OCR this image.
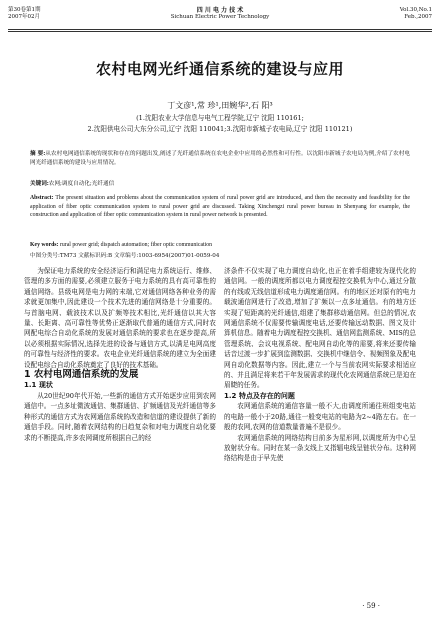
第30卷第1期
2007年02月
四 川 电 力 技 术
Sichuan Electric Power Technology
Vol.30,No.1
Feb.,2007
农村电网光纤通信系统的建设与应用
丁文彦¹,常 珍¹,田婉华²,石 阳³
(1.沈阳农业大学信息与电气工程学院,辽宁 沈阳 110161;
2.沈阳供电公司大东分公司,辽宁 沈阳 110041;3.沈阳市新城子农电局,辽宁 沈阳 110121)
摘 要:从农村电网通信系统的现状和存在的问题出发,阐述了光纤通信系统在农电企业中应用的必然性和可行性。以沈阳市新城子农电局为例,介绍了农村电网光纤通信系统的建设与应用情况。
关键词:农网;调度自动化;光纤通信
Abstract: The present situation and problems about the communication system of rural power grid are introduced, and then the necessity and feasibility for the application of fiber optic communication system to rural power grid are discussed. Taking Xinchengzi rural power bureau in Shenyang for example, the construction and application of fiber optic communication system in rural power network is presented.
Key words: rural power grid; dispatch automation; fiber optic communication
中图分类号:TM73 文献标识码:B 文章编号:1003-6954(2007)01-0059-04

为保证电力系统的安全经济运行和满足电力系统运行、维修、管理的多方面的需要,必须建立服务于电力系统的具有高可靠性的通信网络。县级电网是电力网的末端,它对通信网络各种业务的需求就更加集中,因此建设一个技术先进的通信网络是十分重要的。与首脑电网、载波技术以及扩频等技术相比,光纤通信以其大容量、长距离、高可靠性等优势正逐渐取代普通的通信方式,同时农网配电综合自动化系统的发展对通信系统的要求也在逐步提高,所以必须根据实际情况,选择先进的设备与通信方式,以满足电网高度的可靠性与经济性的要求。农电企业光纤通信系统的建立为全面建设配电综合自动化系统奠定了良好的技术基础。

1 农村电网通信系统的发展

1.1 现状

从20世纪90年代开始,一些新的通信方式开始逐步应用到农网通信中。一点多址微波通信、集群通信、扩频通信及光纤通信等多种形式的通信方式为农网通信系统的改造和信道的建设提供了新的通信手段。同时,随着农网结构的日趋复杂和对电力调度自动化要求的不断提高,许多农网调度所根据自己的经

济条件不仅实现了电力调度自动化,也正在着手组建较为现代化的通信网。一般的调度所都以电力调度程控交换机为中心,通过分散的有线或无线信道形成电力调度通信网。有的地区还对原有的电力载波通信网进行了改造,增加了扩频以一点多址通信。有的地方还实现了短距离的光纤通信,组建了集群移动通信网。但总的情况,农网通信系统不仅需要传输调度电话,还要传输远动数据、图文及计算机信息。随着电力调度程控交换机、通信网监测系统、MIS的总管理系统、会议电视系统、配电网自动化等的需要,将来还要传输话音过渡一步扩展到监测数据、交换机中继信令、视频图象及配电网自动化数据等内容。因此,建立一个与当前农网实际要求相适应的、并且满足将来若干年发展需求的现代化农网通信系统已是迫在眉睫的任务。

1.2 特点及存在的问题

农网通信系统的通信容量一般不大,由调度所通往班组变电站的电路一般小于20路,通往一般变电站的电路为2~4路左右。在一般的农网,农网的信道数量普遍不是很少。

农网通信系统的网络结构目前多为星形网,以调度所为中心呈放射状分布。同时在某一条支线上又指辐电线呈链状分布。这种网络结构是由于早先使

· 59 ·
